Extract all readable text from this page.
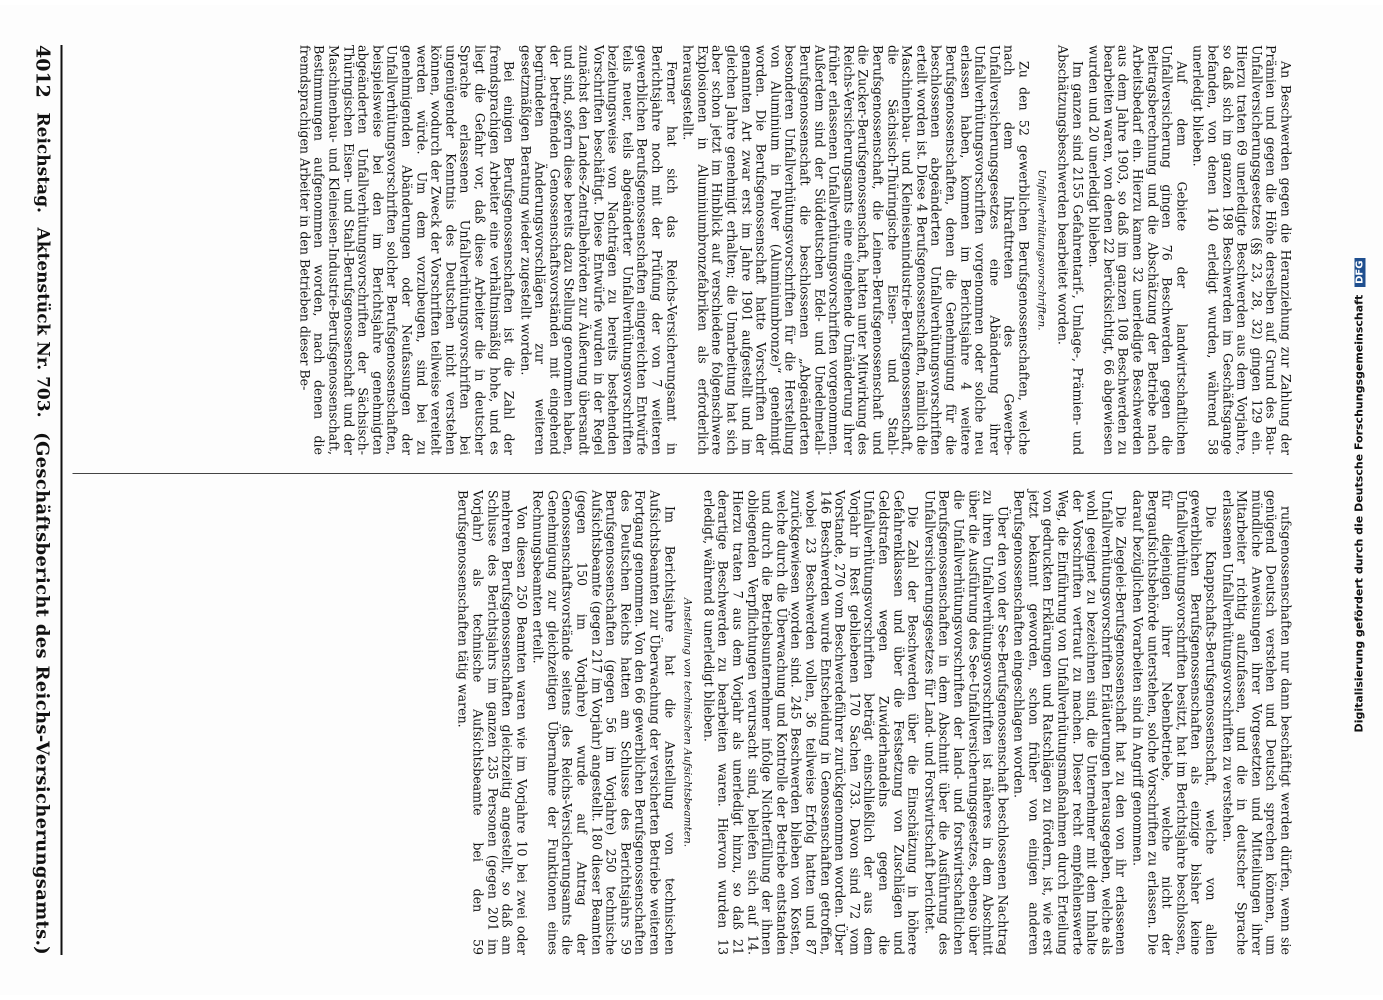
Digitalisierung gefördert durch die Deutsche Forschungsgemeinschaft DFG

An Beschwerden gegen die Heranziehung zur Zahlung der Prämien und gegen die Höhe derselben auf Grund des Bau-Unfallversicherungsgesetzes (§§ 23, 28, 32) gingen 129 ein. Hierzu traten 69 unerledigte Beschwerden aus dem Vorjahre, so daß sich im ganzen 198 Beschwerden im Geschäftsgange befanden, von denen 140 erledigt wurden, während 58 unerledigt blieben.

Auf dem Gebiete der landwirtschaftlichen Unfallversicherung gingen 76 Beschwerden gegen die Beitragsberechnung und die Abschätzung der Betriebe nach Arbeitsbedarf ein. Hierzu kamen 32 unerledigte Beschwerden aus dem Jahre 1903, so daß im ganzen 108 Beschwerden zu bearbeiten waren, von denen 22 berücksichtigt, 66 abgewiesen wurden und 20 unerledigt blieben.

Im ganzen sind 2155 Gefahrentarif-, Umlage-, Prämien- und Abschätzungsbeschwerden bearbeitet worden.

Unfallverhütungsvorschriften.

Zu den 52 gewerblichen Berufsgenossenschaften, welche nach dem Inkrafttreten des Gewerbe-Unfallversicherungsgesetzes eine Abänderung ihrer Unfallverhütungsvorschriften vorgenommen oder solche neu erlassen haben, kommen im Berichtsjahre 4 weitere Berufsgenossenschaften, denen die Genehmigung für die beschlossenen abgeänderten Unfallverhütungsvorschriften erteilt worden ist. Diese 4 Berufsgenossenschaften, nämlich die Maschinenbau- und Kleineisenindustrie-Berufsgenossenschaft, die Sächsisch-Thüringische Eisen- und Stahl-Berufsgenossenschaft, die Leinen-Berufsgenossenschaft und die Zucker-Berufsgenossenschaft, hatten unter Mitwirkung des Reichs-Versicherungsamts eine eingehende Umänderung ihrer früher erlassenen Unfallverhütungsvorschriften vorgenommen. Außerdem sind der Süddeutschen Edel- und Unedelmetall-Berufsgenossenschaft die beschlossenen „Abgeänderten besonderen Unfallverhütungsvorschriften für die Herstellung von Aluminium in Pulver (Aluminiumbronze)“ genehmigt worden. Die Berufsgenossenschaft hatte Vorschriften der genannten Art zwar erst im Jahre 1901 aufgestellt und im gleichen Jahre genehmigt erhalten; die Umarbeitung hat sich aber schon jetzt im Hinblick auf verschiedene folgenschwere Explosionen in Aluminiumbronzefabriken als erforderlich herausgestellt.

Ferner hat sich das Reichs-Versicherungsamt in Berichtsjahre noch mit der Prüfung der von 7 weiteren gewerblichen Berufsgenossenschaften eingereichten Entwürfe teils neuer, teils abgeänderter Unfallverhütungsvorschriften beziehungsweise von Nachträgen zu bereits bestehenden Vorschriften beschäftigt. Diese Entwürfe wurden in der Regel zunächst den Landes-Zentralbehörden zur Äußerung übersandt und sind, sofern diese bereits dazu Stellung genommen haben, der betreffenden Genossenschaftsvorständen mit eingehend begründeten Änderungsvorschlägen zur weiteren gesetzmäßigen Beratung wieder zugestellt worden.

Bei einigen Berufsgenossenschaften ist die Zahl der fremdsprachigen Arbeiter eine verhältnismäßig hohe, und es liegt die Gefahr vor, daß diese Arbeiter die in deutscher Sprache erlassenen Unfallverhütungsvorschriften bei ungenügender Kenntnis des Deutschen nicht verstehen können, wodurch der Zweck der Vorschriften teilweise vereitelt werden würde. Um dem vorzubeugen, sind bei zu genehmigenden Abänderungen oder Neufassungen der Unfallverhütungsvorschriften solcher Berufsgenossenschaften, beispielsweise bei den im Berichtsjahre genehmigten abgeänderten Unfallverhütungsvorschriften der Sächsisch-Thüringischen Eisen- und Stahl-Berufsgenossenschaft und der Maschinenbau- und Kleineisen-Industrie-Berufsgenossenschaft, Bestimmungen aufgenommen worden, nach denen die fremdsprachigen Arbeiter in den Betrieben dieser Be-

rufsgenossenschaften nur dann beschäftigt werden dürfen, wenn sie genügend Deutsch verstehen und Deutsch sprechen können, um mündliche Anweisungen ihrer Vorgesetzten und Mitteilungen ihrer Mitarbeiter richtig aufzufassen, und die in deutscher Sprache erlassenen Unfallverhütungsvorschriften zu verstehen.

Die Knappschafts-Berufsgenossenschaft, welche von allen gewerblichen Berufsgenossenschaften als einzige bisher keine Unfallverhütungsvorschriften besitzt, hat im Berichtsjahre beschlossen, für diejenigen ihrer Nebenbetriebe, welche nicht der Bergaufsichtsbehörde unterstehen, solche Vorschriften zu erlassen. Die darauf bezüglichen Vorarbeiten sind in Angriff genommen.

Die Ziegelei-Berufsgenossenschaft hat zu den von ihr erlassenen Unfallverhütungsvorschriften Erläuterungen herausgegeben, welche als wohl geeignet zu bezeichnen sind, die Unternehmer mit dem Inhalte der Vorschriften vertraut zu machen. Dieser recht empfehlenswerte Weg, die Einführung von Unfallverhütungsmaßnahmen durch Erteilung von gedruckten Erklärungen und Ratschlägen zu fördern, ist, wie erst jetzt bekannt geworden, schon früher von einigen anderen Berufsgenossenschaften eingeschlagen worden.

Über den von der See-Berufsgenossenschaft beschlossenen Nachtrag zu ihren Unfallverhütungsvorschriften ist näheres in dem Abschnitt über die Ausführung des See-Unfallversicherungsgesetzes, ebenso über die Unfallverhütungsvorschriften der land- und forstwirtschaftlichen Berufsgenossenschaften in dem Abschnitt über die Ausführung des Unfallversicherungsgesetzes für Land- und Forstwirtschaft berichtet.

Die Zahl der Beschwerden über die Einschätzung in höhere Gefahrenklassen und über die Festsetzung von Zuschlägen und Geldstrafen wegen Zuwiderhandelns gegen die Unfallverhütungsvorschriften beträgt einschließlich der aus dem Vorjahr in Rest gebliebenen 170 Sachen 733. Davon sind 72 vom Vorstande, 270 vom Beschwerdeführer zurückgenommen worden. Über 146 Beschwerden wurde Entscheidung in Genossenschaften getroffen, wobei 23 Beschwerden vollen, 36 teilweise Erfolg hatten und 87 zurückgewiesen worden sind. 245 Beschwerden blieben von Kosten, welche durch die Überwachung und Kontrolle der Betriebe entstanden und durch die Betriebsunternehmer infolge Nichterfüllung der ihnen obliegenden Verpflichtungen verursacht sind, beliefen sich auf 14. Hierzu traten 7 aus dem Vorjahr als unerledigt hinzu, so daß 21 derartige Beschwerden zu bearbeiten waren. Hiervon wurden 13 erledigt, während 8 unerledigt blieben.

Anstellung von technischen Aufsichtsbeamten.

Im Berichtsjahre hat die Anstellung von technischen Aufsichtsbeamten zur Überwachung der versicherten Betriebe weiteren Fortgang genommen. Von den 66 gewerblichen Berufsgenossenschaften des Deutschen Reichs hatten am Schlusse des Berichtsjahrs 59 Berufsgenossenschaften (gegen 56 im Vorjahre) 250 technische Aufsichtsbeamte (gegen 217 im Vorjahr) angestellt. 180 dieser Beamten (gegen 150 im Vorjahre) wurde auf Antrag der Genossenschaftsvorstände seitens des Reichs-Versicherungsamts die Genehmigung zur gleichzeitigen Übernahme der Funktionen eines Rechnungsbeamten erteilt.

Von diesen 250 Beamten waren wie im Vorjahre 10 bei zwei oder mehreren Berufsgenossenschaften gleichzeitig angestellt, so daß am Schlusse des Berichtsjahrs im ganzen 235 Personen (gegen 201 im Vorjahr) als technische Aufsichtsbeamte bei den 59 Berufsgenossenschaften tätig waren.

4012
Reichstag.
Aktenstück Nr. 703.
(Geschäftsbericht des Reichs-Versicherungsamts.)
